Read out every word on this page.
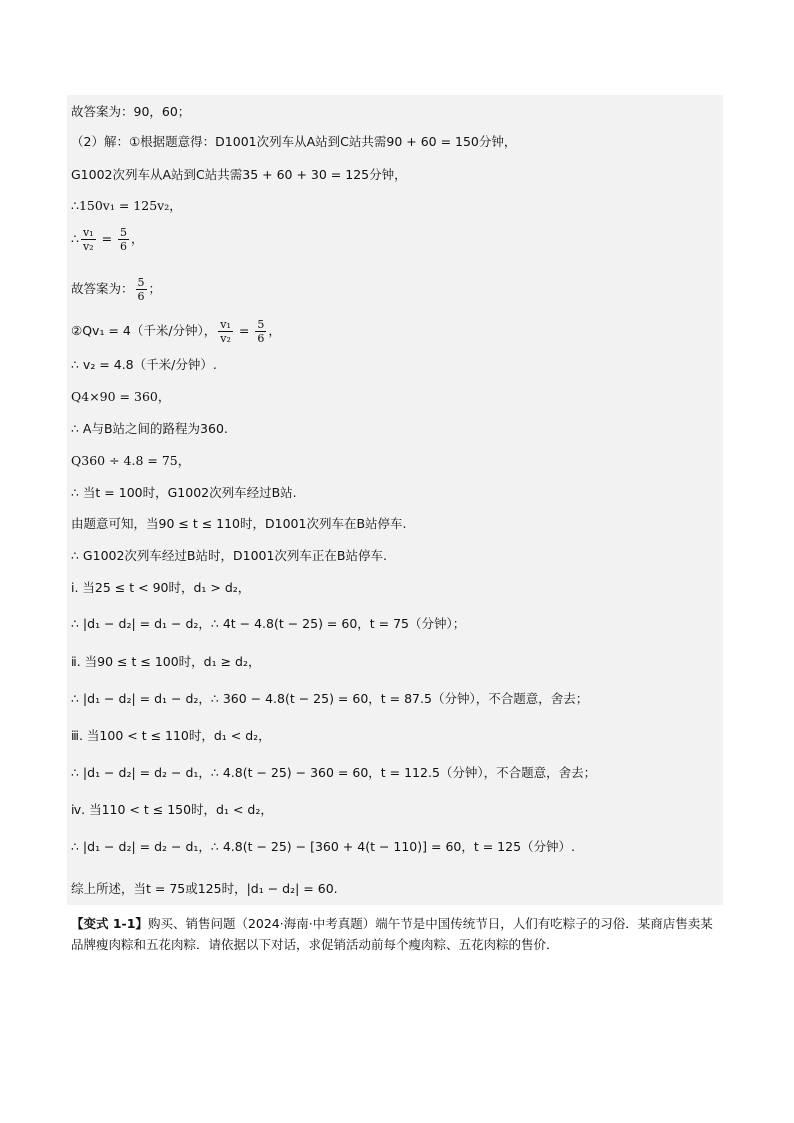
故答案为：90，60；
（2）解：①根据题意得：D1001次列车从A站到C站共需90 + 60 = 150分钟，
G1002次列车从A站到C站共需35 + 60 + 30 = 125分钟，
∴150v₁ = 125v₂，
∴ $\frac{\text{v₁}}{\text{v₂}} = \frac{5}{6}$ ，
故答案为： $\frac{5}{6}$ ；
②Qv₁ = 4（千米/分钟）， $\frac{\text{v₁}}{\text{v₂}} = \frac{5}{6}$ ，
∴ v₂ = 4.8（千米/分钟）.
Q4×90 = 360，
∴ A与B站之间的路程为360.
Q360 ÷ 4.8 = 75，
∴ 当t = 100时，G1002次列车经过B站.
由题意可知，当90 ≤ t ≤ 110时，D1001次列车在B站停车.
∴ G1002次列车经过B站时，D1001次列车正在B站停车.
ⅰ. 当25 ≤ t < 90时，d₁ > d₂，
∴ |d₁ − d₂| = d₁ − d₂，∴ 4t − 4.8(t − 25) = 60，t = 75（分钟）；
ⅱ. 当90 ≤ t ≤ 100时，d₁ ≥ d₂，
∴ |d₁ − d₂| = d₁ − d₂，∴ 360 − 4.8(t − 25) = 60，t = 87.5（分钟），不合题意，舍去；
ⅲ. 当100 < t ≤ 110时，d₁ < d₂，
∴ |d₁ − d₂| = d₂ − d₁，∴ 4.8(t − 25) − 360 = 60，t = 112.5（分钟），不合题意，舍去；
ⅳ. 当110 < t ≤ 150时，d₁ < d₂，
∴ |d₁ − d₂| = d₂ − d₁，∴ 4.8(t − 25) − [360 + 4(t − 110)] = 60，t = 125（分钟）.
综上所述，当t = 75或125时，|d₁ − d₂| = 60.
【变式 1-1】购买、销售问题（2024·海南·中考真题）端午节是中国传统节日，人们有吃粽子的习俗．某商店售卖某品牌瘦肉粽和五花肉粽．请依据以下对话，求促销活动前每个瘦肉粽、五花肉粽的售价．
